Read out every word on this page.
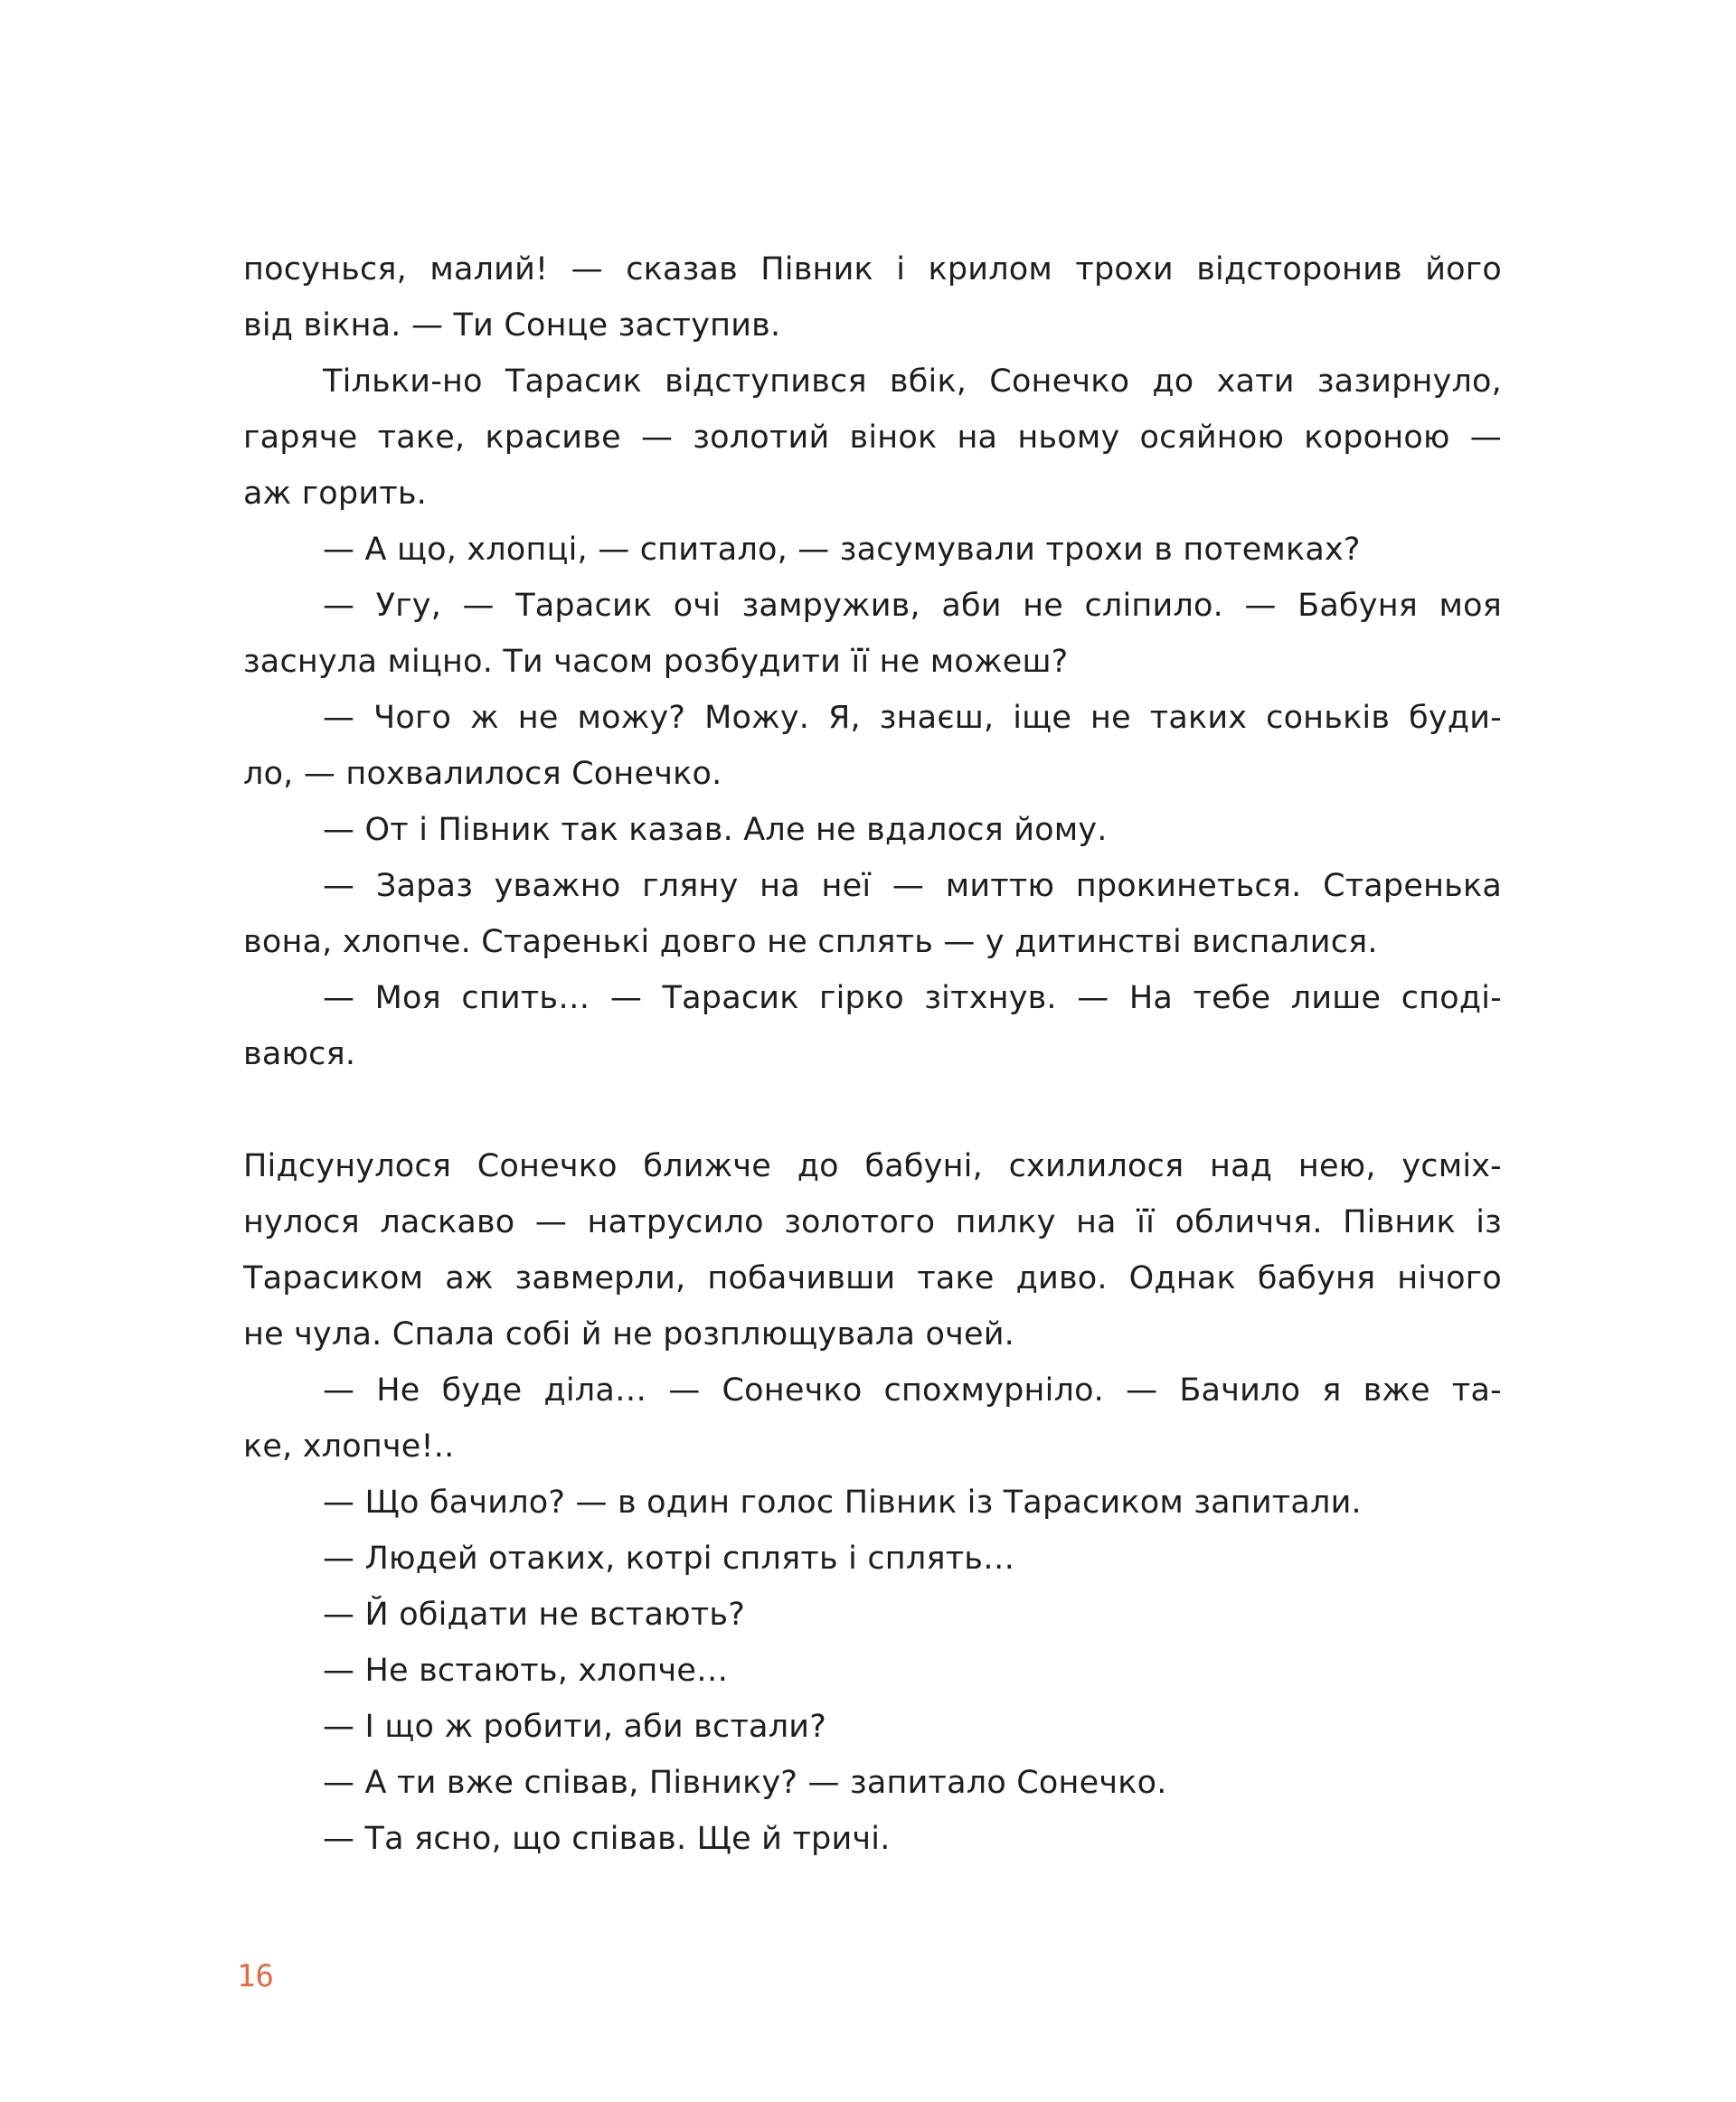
посунься, малий! — сказав Півник і крилом трохи відсторонив його
від вікна. — Ти Сонце заступив.
Тільки-но Тарасик відступився вбік, Сонечко до хати зазирнуло,
гаряче таке, красиве — золотий вінок на ньому осяйною короною —
аж горить.
— А що, хлопці, — спитало, — засумували трохи в потемках?
— Угу, — Тарасик очі замружив, аби не сліпило. — Бабуня моя
заснула міцно. Ти часом розбудити її не можеш?
— Чого ж не можу? Можу. Я, знаєш, іще не таких соньків буди-
ло, — похвалилося Сонечко.
— От і Півник так казав. Але не вдалося йому.
— Зараз уважно гляну на неї — миттю прокинеться. Старенька
вона, хлопче. Старенькі довго не сплять — у дитинстві виспалися.
— Моя спить… — Тарасик гірко зітхнув. — На тебе лише сподi-
ваюся.
Підсунулося Сонечко ближче до бабуні, схилилося над нею, усміх-
нулося ласкаво — натрусило золотого пилку на її обличчя. Півник із
Тарасиком аж завмерли, побачивши таке диво. Однак бабуня нічого
не чула. Спала собі й не розплющувала очей.
— Не буде діла… — Сонечко спохмурніло. — Бачило я вже та-
ке, хлопче!..
— Що бачило? — в один голос Півник із Тарасиком запитали.
— Людей отаких, котрі сплять і сплять…
— Й обідати не встають?
— Не встають, хлопче…
— І що ж робити, аби встали?
— А ти вже співав, Півнику? — запитало Сонечко.
— Та ясно, що співав. Ще й тричі.
16
